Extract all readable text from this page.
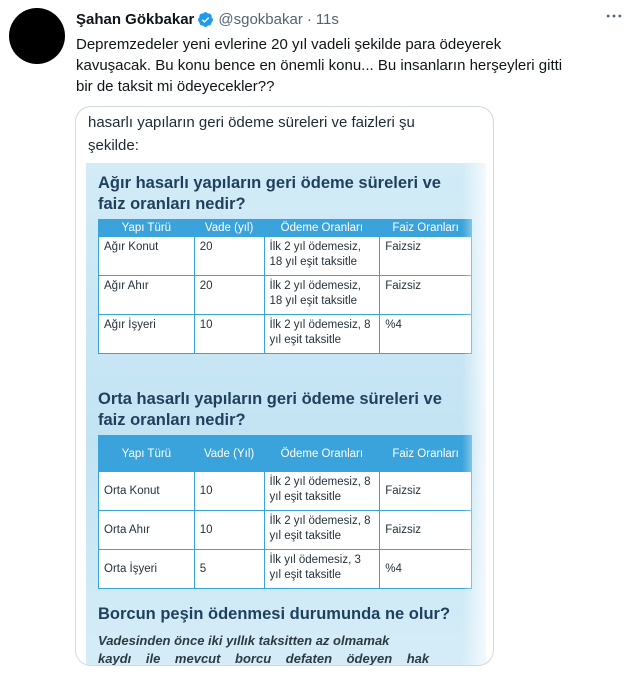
Şahan Gökbakar @sgokbakar · 11s
Depremzedeler yeni evlerine 20 yıl vadeli şekilde para ödeyerek
kavuşacak. Bu konu bence en önemli konu... Bu insanların herşeyleri gitti
bir de taksit mi ödeyecekler??
hasarlı yapıların geri ödeme süreleri ve faizleri şu
şekilde:
Ağır hasarlı yapıların geri ödeme süreleri ve
faiz oranları nedir?
Yapı Türü	Vade (yıl)	Ödeme Oranları	Faiz Oranları
Ağır Konut	20	İlk 2 yıl ödemesiz, 18 yıl eşit taksitle	Faizsiz
Ağır Ahır	20	İlk 2 yıl ödemesiz, 18 yıl eşit taksitle	Faizsiz
Ağır İşyeri	10	İlk 2 yıl ödemesiz, 8 yıl eşit taksitle	%4
Orta hasarlı yapıların geri ödeme süreleri ve
faiz oranları nedir?
Yapı Türü	Vade (Yıl)	Ödeme Oranları	Faiz Oranları
Orta Konut	10	İlk 2 yıl ödemesiz, 8 yıl eşit taksitle	Faizsiz
Orta Ahır	10	İlk 2 yıl ödemesiz, 8 yıl eşit taksitle	Faizsiz
Orta İşyeri	5	İlk yıl ödemesiz, 3 yıl eşit taksitle	%4
Borcun peşin ödenmesi durumunda ne olur?
Vadesinden önce iki yıllık taksitten az olmamak
kaydı ile mevcut borcu defaten ödeyen hak
